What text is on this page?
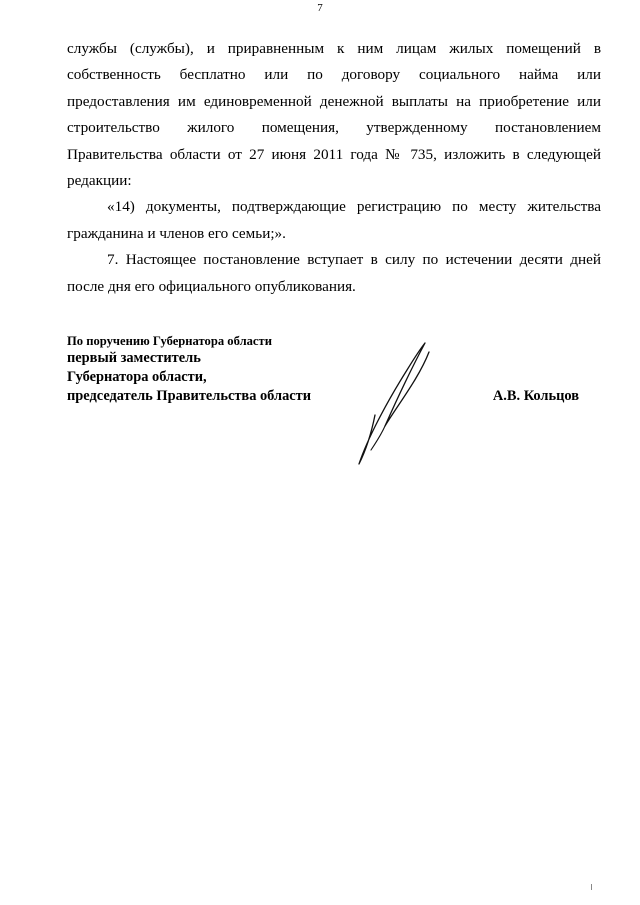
7

службы (службы), и приравненным к ним лицам жилых помещений в собственность бесплатно или по договору социального найма или предоставления им единовременной денежной выплаты на приобретение или строительство жилого помещения, утвержденному постановлением Правительства области от 27 июня 2011 года № 735, изложить в следующей редакции:

«14) документы, подтверждающие регистрацию по месту жительства гражданина и членов его семьи;».

7. Настоящее постановление вступает в силу по истечении десяти дней после дня его официального опубликования.

По поручению Губернатора области
первый заместитель
Губернатора области,
председатель Правительства области	А.В. Кольцов
